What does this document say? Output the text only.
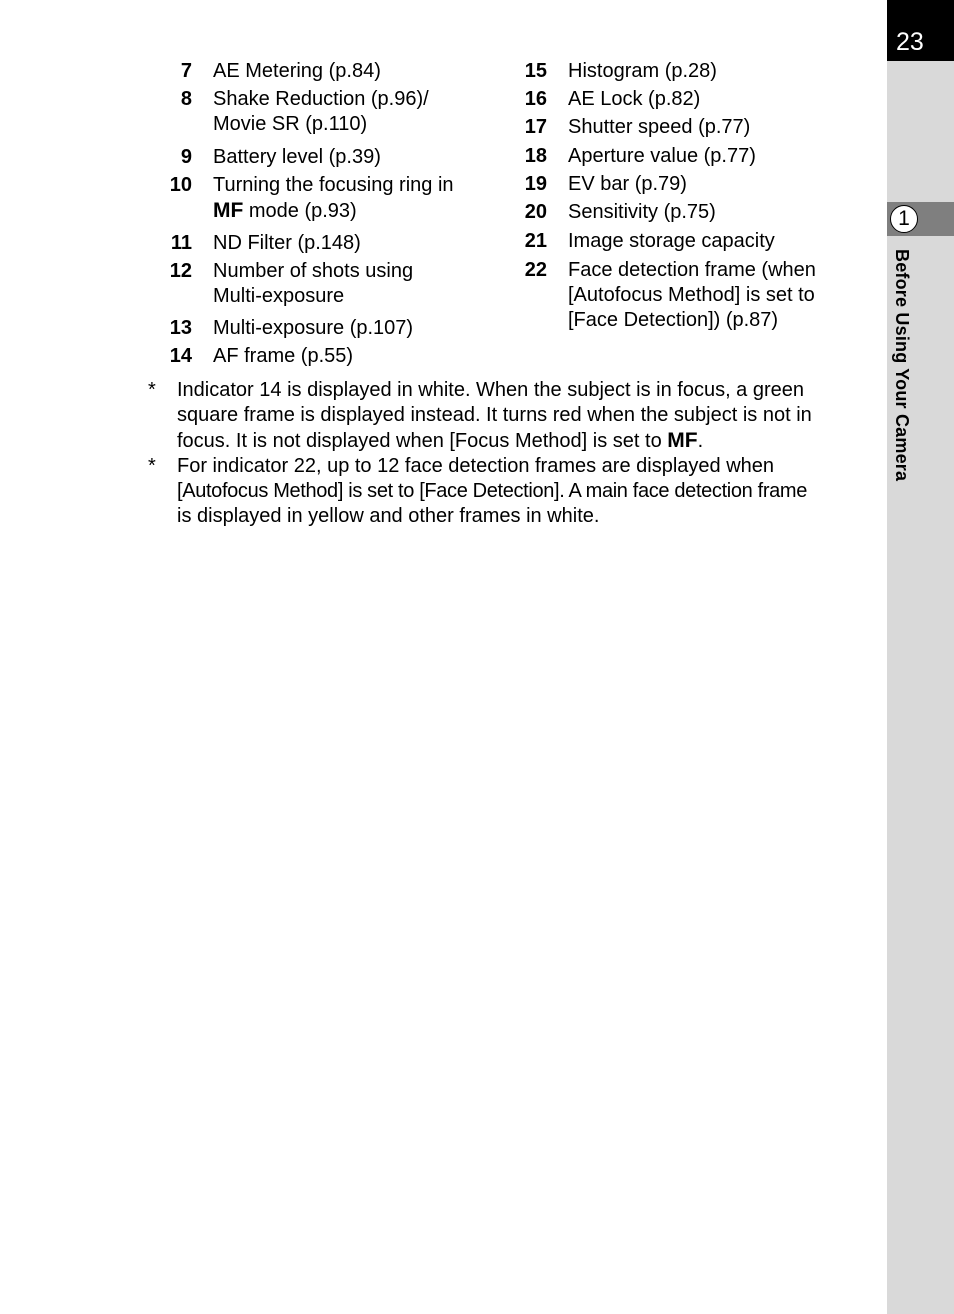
23
1
Before Using Your Camera
7	AE Metering (p.84)
8 Shake Reduction (p.96)/
Movie SR (p.110)
9	Battery level (p.39)
10 Turning the focusing ring in
MF mode (p.93)
11	ND Filter (p.148)
12 Number of shots using
Multi-exposure
13	Multi-exposure (p.107)
14	AF frame (p.55)
15	Histogram (p.28)
16	AE Lock (p.82)
17	Shutter speed (p.77)
18	Aperture value (p.77)
19	EV bar (p.79)
20	Sensitivity (p.75)
21	Image storage capacity
22 Face detection frame (when
[Autofocus Method] is set to
[Face Detection]) (p.87)
*	Indicator 14 is displayed in white. When the subject is in focus, a green
square frame is displayed instead. It turns red when the subject is not in
focus. It is not displayed when [Focus Method] is set to MF.
*	For indicator 22, up to 12 face detection frames are displayed when
[Autofocus Method] is set to [Face Detection]. A main face detection frame
is displayed in yellow and other frames in white.
